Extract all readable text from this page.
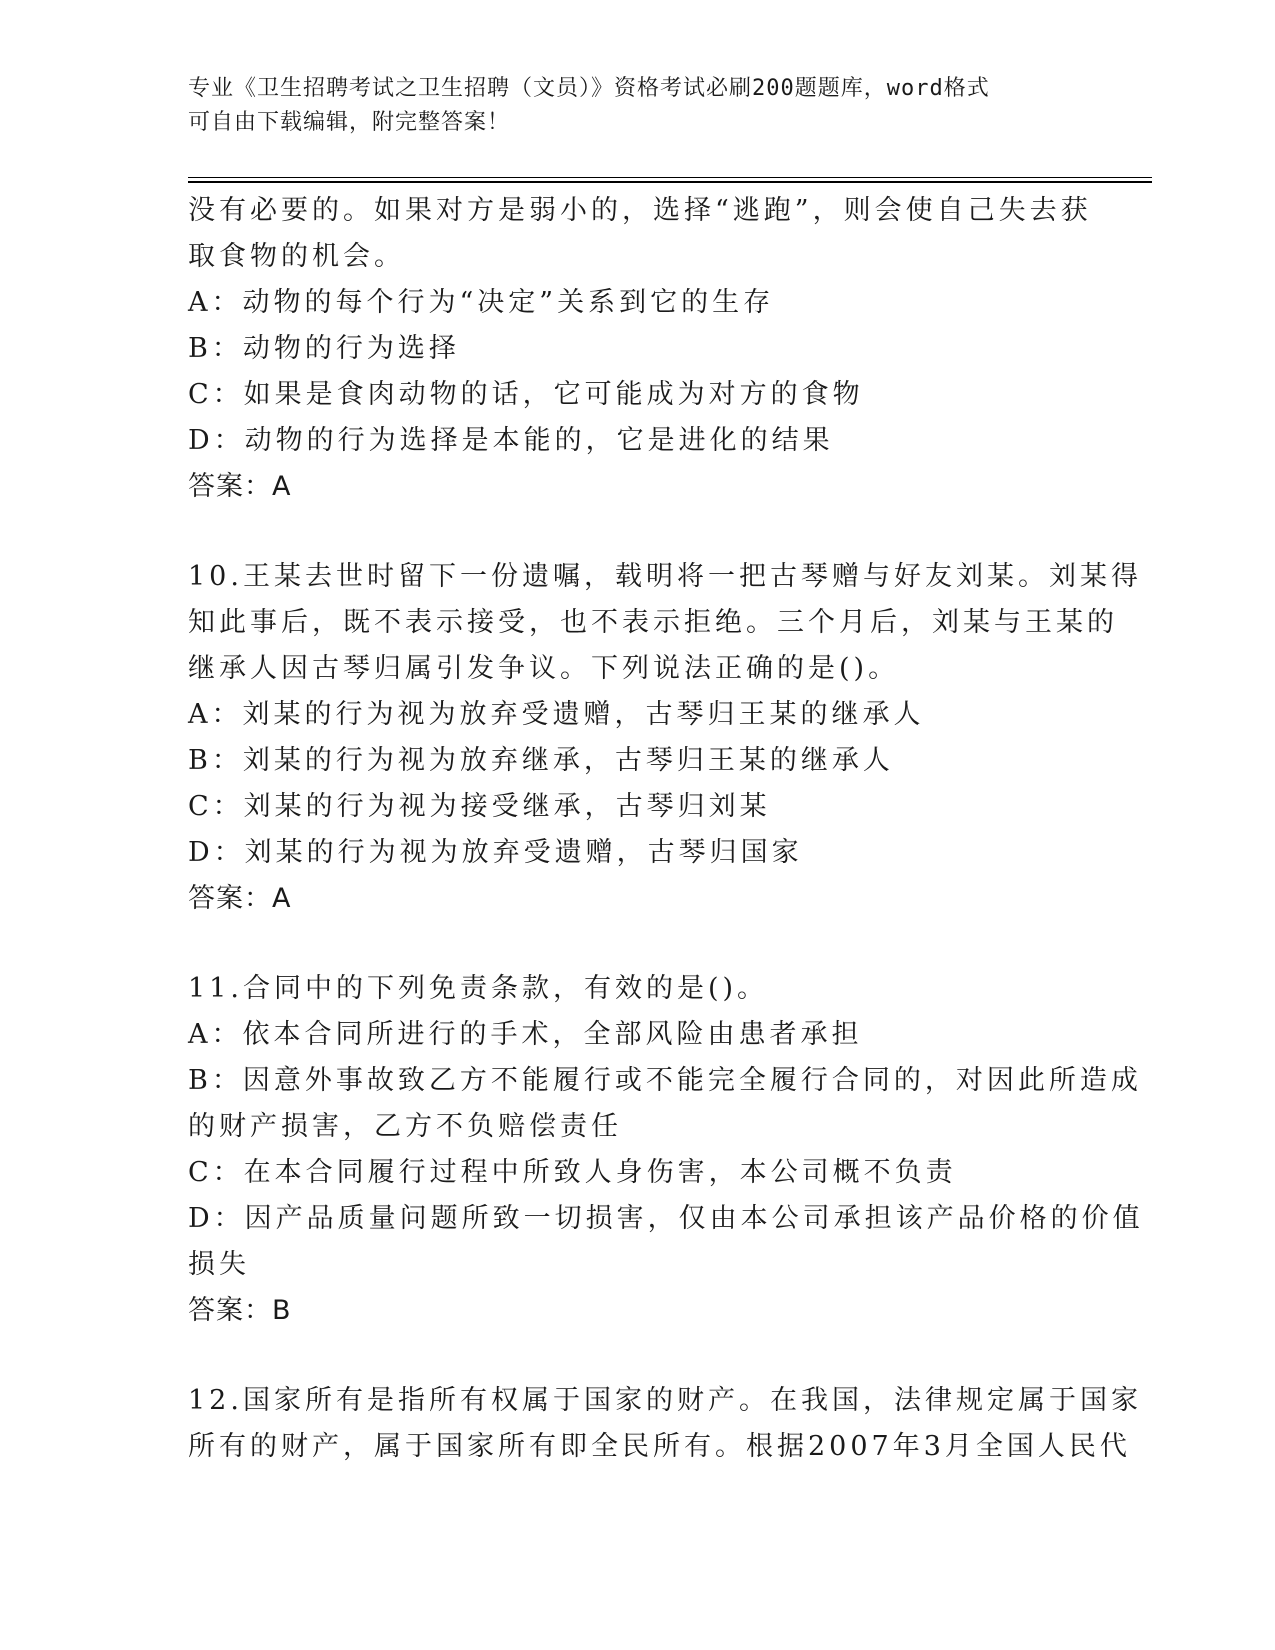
专业《卫生招聘考试之卫生招聘（文员）》资格考试必刷200题题库，word格式
可自由下载编辑，附完整答案！
没有必要的。如果对方是弱小的，选择“逃跑”，则会使自己失去获
取食物的机会。
A：动物的每个行为“决定”关系到它的生存
B：动物的行为选择
C：如果是食肉动物的话，它可能成为对方的食物
D：动物的行为选择是本能的，它是进化的结果
答案：A
10.王某去世时留下一份遗嘱，载明将一把古琴赠与好友刘某。刘某得
知此事后，既不表示接受，也不表示拒绝。三个月后，刘某与王某的
继承人因古琴归属引发争议。下列说法正确的是()。
A：刘某的行为视为放弃受遗赠，古琴归王某的继承人
B：刘某的行为视为放弃继承，古琴归王某的继承人
C：刘某的行为视为接受继承，古琴归刘某
D：刘某的行为视为放弃受遗赠，古琴归国家
答案：A
11.合同中的下列免责条款，有效的是()。
A：依本合同所进行的手术，全部风险由患者承担
B：因意外事故致乙方不能履行或不能完全履行合同的，对因此所造成
的财产损害，乙方不负赔偿责任
C：在本合同履行过程中所致人身伤害，本公司概不负责
D：因产品质量问题所致一切损害，仅由本公司承担该产品价格的价值
损失
答案：B
12.国家所有是指所有权属于国家的财产。在我国，法律规定属于国家
所有的财产，属于国家所有即全民所有。根据2007年3月全国人民代
